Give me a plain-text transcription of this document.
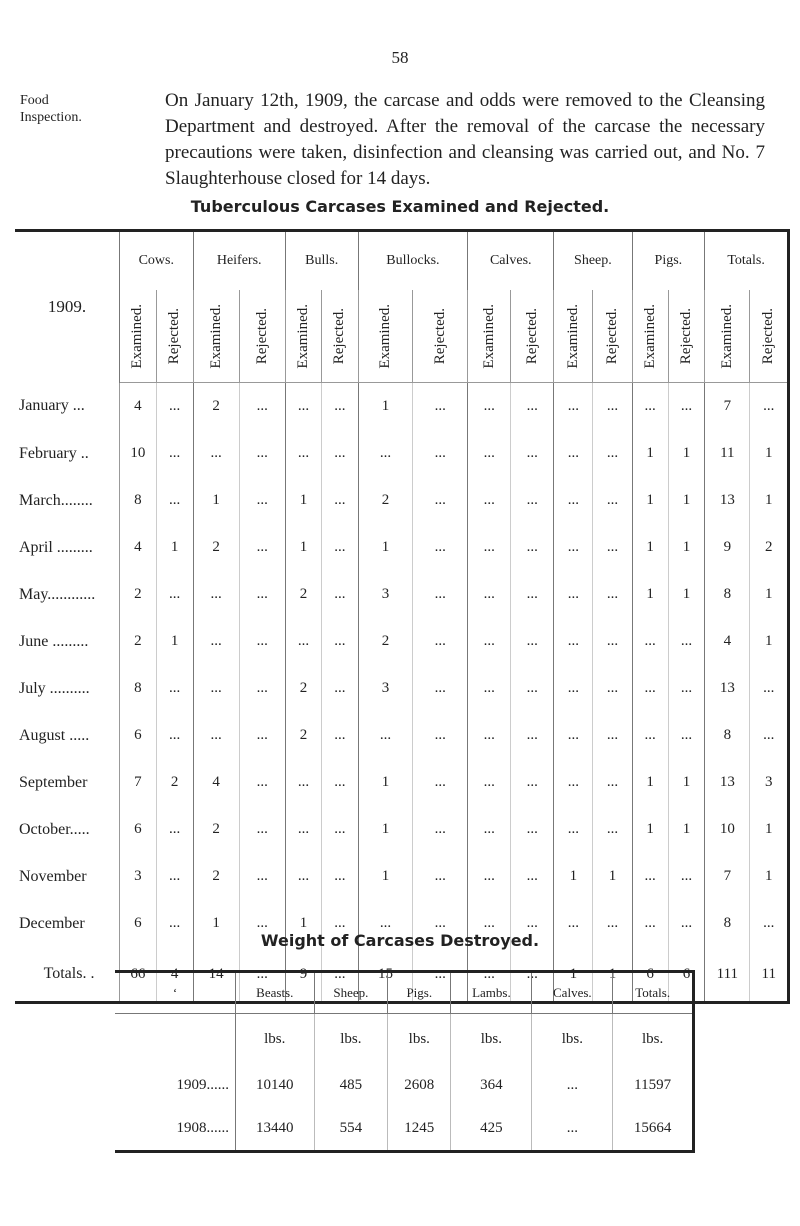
58
Food
Inspection.
On January 12th, 1909, the carcase and odds were removed to the Cleansing Department and destroyed. After the removal of the carcase the necessary precautions were taken, disinfection and cleansing was carried out, and No. 7 Slaughterhouse closed for 14 days.
Tuberculous Carcases Examined and Rejected.
1909.	Cows.		Heifers.		Bulls.		Bullocks.		Calves.		Sheep.		Pigs.		Totals.	

	Examined.	Rejected.	Examined.	Rejected.	Examined.	Rejected.	Examined.	Rejected.	Examined.	Rejected.	Examined.	Rejected.	Examined.	Rejected.	Examined.	Rejected.

January ...	4	...	2	...	...	...	1	...	...	...	...	...	...	...	7	...
February ..	10	...	...	...	...	...	...	...	...	...	...	...	1	1	11	1
March........	8	...	1	...	1	...	2	...	...	...	...	...	1	1	13	1
April .........	4	1	2	...	1	...	1	...	...	...	...	...	1	1	9	2
May............	2	...	...	...	2	...	3	...	...	...	...	...	1	1	8	1
June .........	2	1	...	...	...	...	2	...	...	...	...	...	...	...	4	1
July ..........	8	...	...	...	2	...	3	...	...	...	...	...	...	...	13	...
August .....	6	...	...	...	2	...	...	...	...	...	...	...	...	...	8	...
September	7	2	4	...	...	...	1	...	...	...	...	...	1	1	13	3
October.....	6	...	2	...	...	...	1	...	...	...	...	...	1	1	10	1
November	3	...	2	...	...	...	1	...	...	...	1	1	...	...	7	1
December	6	...	1	...	1	...	...	...	...	...	...	...	...	...	8	...
Totals. .	66	4	14	...	9	...	15	...	...	...	1	1	6	6	111	11
Weight of Carcases Destroyed.
‘	Beasts.	Sheep.	Pigs.	Lambs.	Calves.	Totals.
	lbs.	lbs.	lbs.	lbs.	lbs.	lbs.
1909......	10140	485	2608	364	...	11597
1908......	13440	554	1245	425	...	15664
